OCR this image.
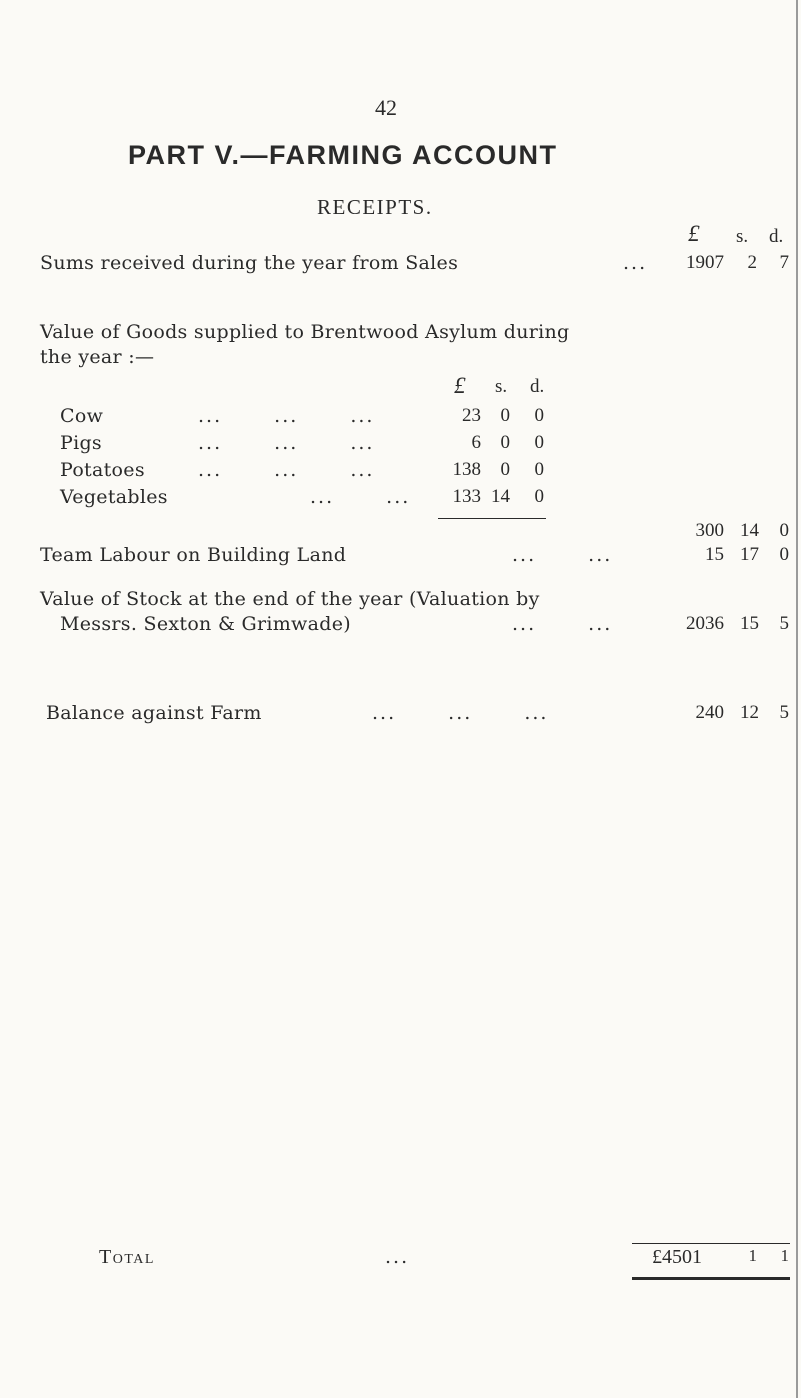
42
PART V.—FARMING ACCOUNT
RECEIPTS.
£ s. d.
Sums received during the year from Sales	...	1907	2	7
Value of Goods supplied to Brentwood Asylum during
the year :—
£ s. d.
Cow	... ... ...	23	0	0
Pigs	... ... ...	6	0	0
Potatoes	... ... ...	138	0	0
Vegetables	... ...	133 14	0
300 14	0
Team Labour on Building Land	... ...	15 17	0
Value of Stock at the end of the year (Valuation by
Messrs. Sexton & Grimwade)	... ...	2036 15	5
Balance against Farm	... ... ...	240 12	5
Total	...	£4501	1	1
